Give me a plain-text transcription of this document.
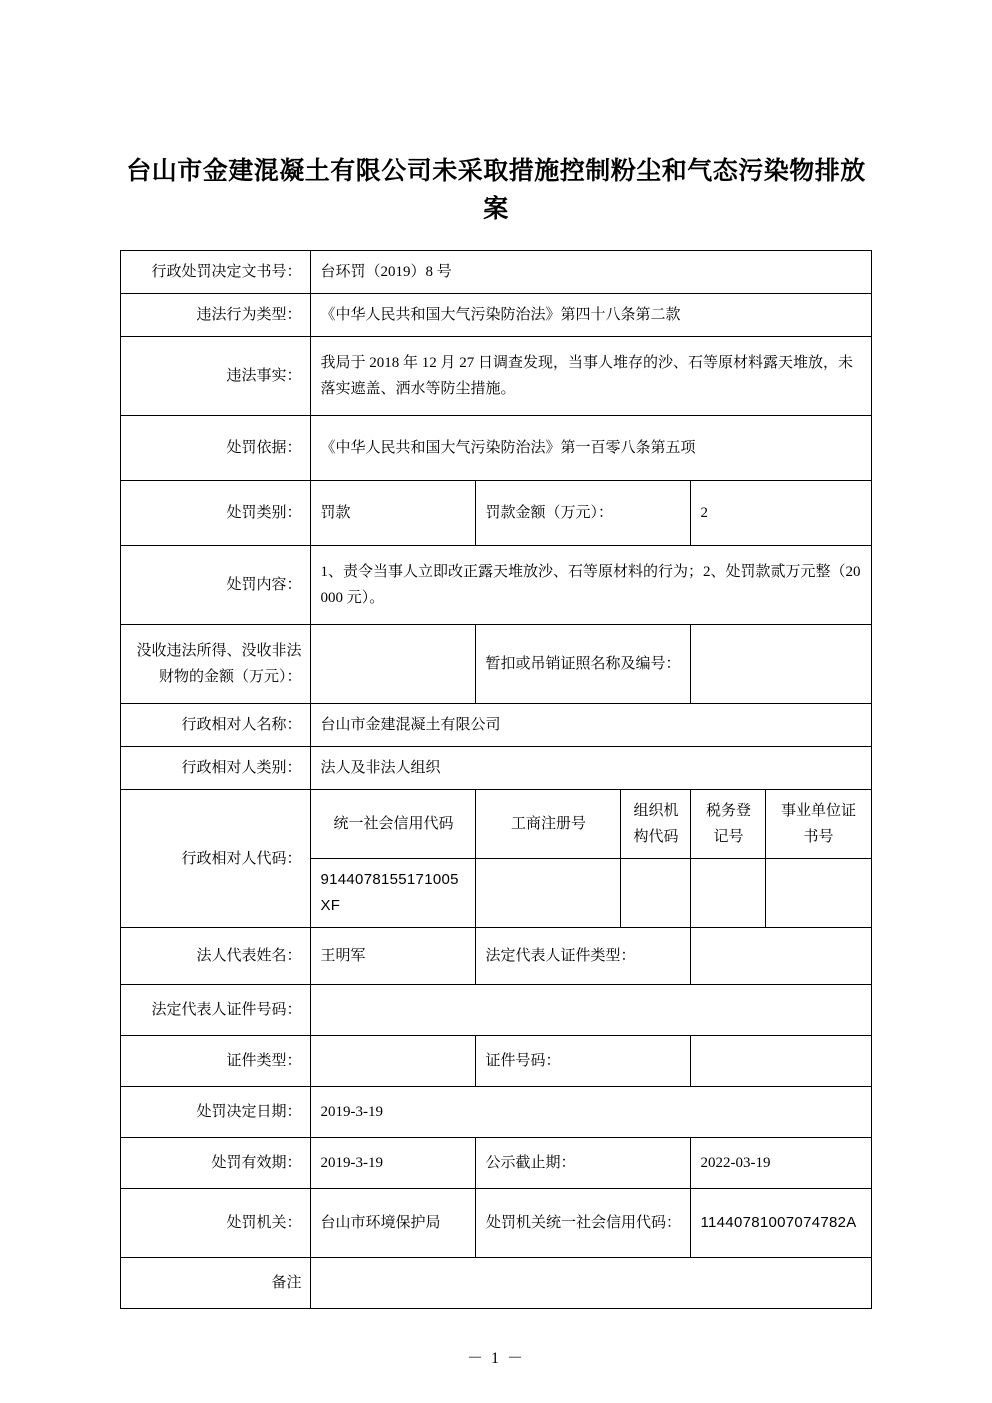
台山市金建混凝土有限公司未采取措施控制粉尘和气态污染物排放案
行政处罚决定文书号：	台环罚（2019）8 号				
违法行为类型：	《中华人民共和国大气污染防治法》第四十八条第二款				
违法事实：	我局于 2018 年 12 月 27 日调查发现，当事人堆存的沙、石等原材料露天堆放，未落实遮盖、洒水等防尘措施。				
处罚依据：	《中华人民共和国大气污染防治法》第一百零八条第五项				
处罚类别：	罚款	罚款金额（万元）：		2	
处罚内容：	1、责令当事人立即改正露天堆放沙、石等原材料的行为；2、处罚款贰万元整（20000 元）。				
没收违法所得、没收非法财物的金额（万元）：		暂扣或吊销证照名称及编号：			
行政相对人名称：	台山市金建混凝土有限公司				
行政相对人类别：	法人及非法人组织				
行政相对人代码：	统一社会信用代码	工商注册号	组织机构代码	税务登记号	事业单位证书号
	9144078155171005XF				
法人代表姓名：	王明军	法定代表人证件类型：			
法定代表人证件号码：					
证件类型：		证件号码：			
处罚决定日期：	2019-3-19				
处罚有效期：	2019-3-19	公示截止期：		2022-03-19	
处罚机关：	台山市环境保护局	处罚机关统一社会信用代码：		11440781007074782A	
备注					
－ 1 －
